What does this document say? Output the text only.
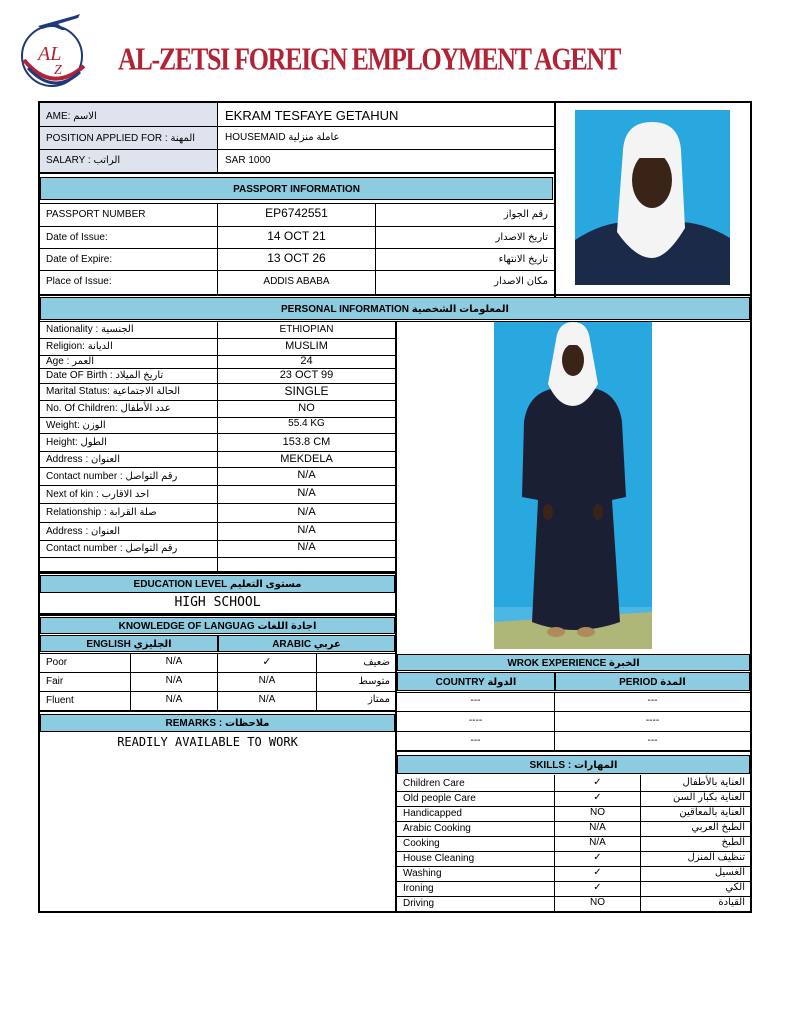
AL
Z AL-ZETSI FOREIGN EMPLOYMENT AGENT
AME: الاسم	EKRAM TESFAYE GETAHUN
POSITION APPLIED FOR : المهنة	HOUSEMAID عاملة منزلية
SALARY : الراتب	SAR 1000
PASSPORT INFORMATION
PASSPORT NUMBER	EP6742551	رقم الجواز
Date of Issue:	14 OCT 21	تاريخ الاصدار
Date of Expire:	13 OCT 26	تاريخ الانتهاء
Place of Issue:	ADDIS ABABA	مكان الاصدار
PERSONAL INFORMATION المعلومات الشخصية
Nationality : الجنسية	ETHIOPIAN
Religion: الديانة	MUSLIM
Age : العمر	24
Date OF Birth : تاريخ الميلاد	23 OCT 99
Marital Status: الحالة الاجتماعية	SINGLE
No. Of Children: عدد الأطفال	NO
Weight: الوزن	55.4 KG
Height: الطول	153.8 CM
Address : العنوان	MEKDELA
Contact number : رقم التواصل	N/A
Next of kin : احد الاقارب	N/A
Relationship : صلة القرابة	N/A
Address : العنوان	N/A
Contact number : رقم التواصل	N/A
EDUCATION LEVEL مستوى التعليم
HIGH SCHOOL
KNOWLEDGE OF LANGUAG اجادة اللغات
ENGLISH الجليزي	ARABIC عربي
Poor	N/A	✓	ضعيف
Fair	N/A	N/A	متوسط
Fluent	N/A	N/A	ممتاز
REMARKS : ملاحظات
READILY AVAILABLE TO WORK
WROK EXPERIENCE الخبرة
COUNTRY الدولة	PERIOD المدة
---	---
----	----
---	---
SKILLS : المهارات
Children Care	✓	العناية بالأطفال
Old people Care	✓	العناية بكبار السن
Handicapped	NO	العناية بالمعاقين
Arabic Cooking	N/A	الطبخ العربي
Cooking	N/A	الطبخ
House Cleaning	✓	تنظيف المنزل
Washing	✓	الغسيل
Ironing	✓	الكي
Driving	NO	القيادة
